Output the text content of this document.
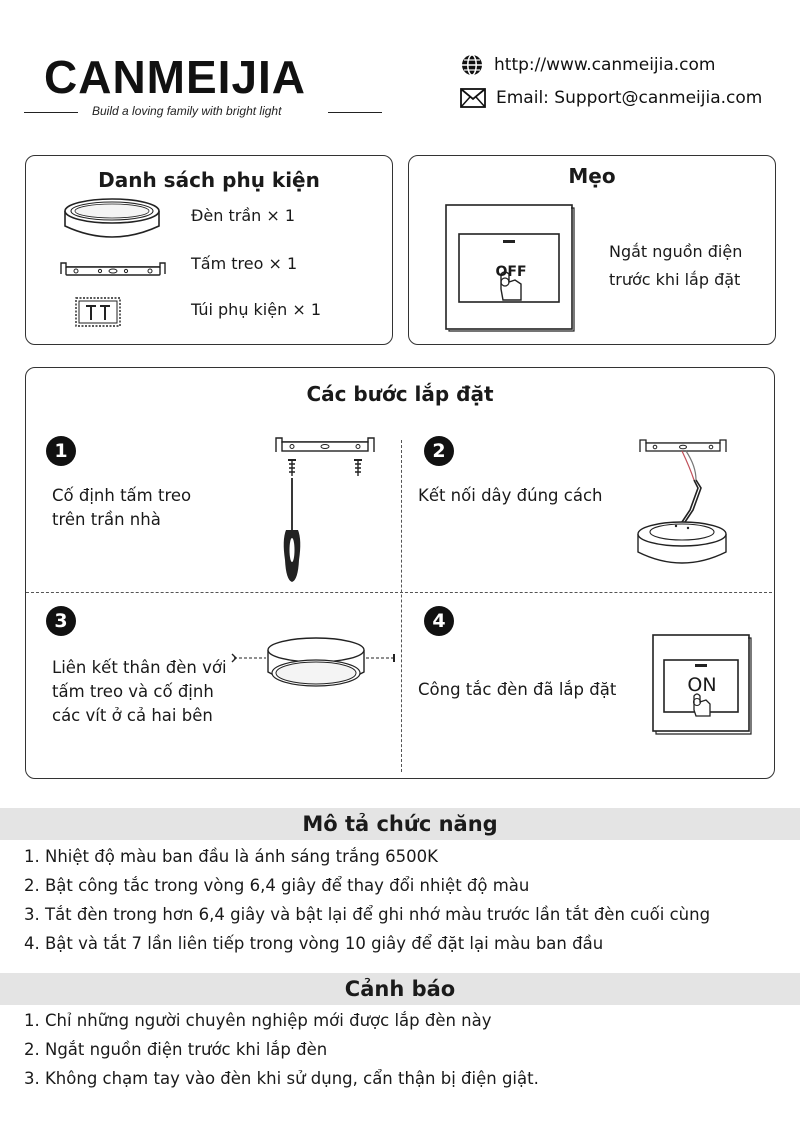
CANMEIJIA
Build a loving family with bright light
http://www.canmeijia.com
Email: Support@canmeijia.com
Danh sách phụ kiện
Đèn trần × 1
Tấm treo × 1
Túi phụ kiện × 1
Mẹo
OFF
Ngắt nguồn điện
trước khi lắp đặt
Các bước lắp đặt
1
Cố định tấm treo
trên trần nhà
2
Kết nối dây đúng cách
3
Liên kết thân đèn với
tấm treo và cố định
các vít ở cả hai bên
4
Công tắc đèn đã lắp đặt	ON
Mô tả chức năng
1. Nhiệt độ màu ban đầu là ánh sáng trắng 6500K
2. Bật công tắc trong vòng 6,4 giây để thay đổi nhiệt độ màu
3. Tắt đèn trong hơn 6,4 giây và bật lại để ghi nhớ màu trước lần tắt đèn cuối cùng
4. Bật và tắt 7 lần liên tiếp trong vòng 10 giây để đặt lại màu ban đầu
Cảnh báo
1. Chỉ những người chuyên nghiệp mới được lắp đèn này
2. Ngắt nguồn điện trước khi lắp đèn
3. Không chạm tay vào đèn khi sử dụng, cẩn thận bị điện giật.
